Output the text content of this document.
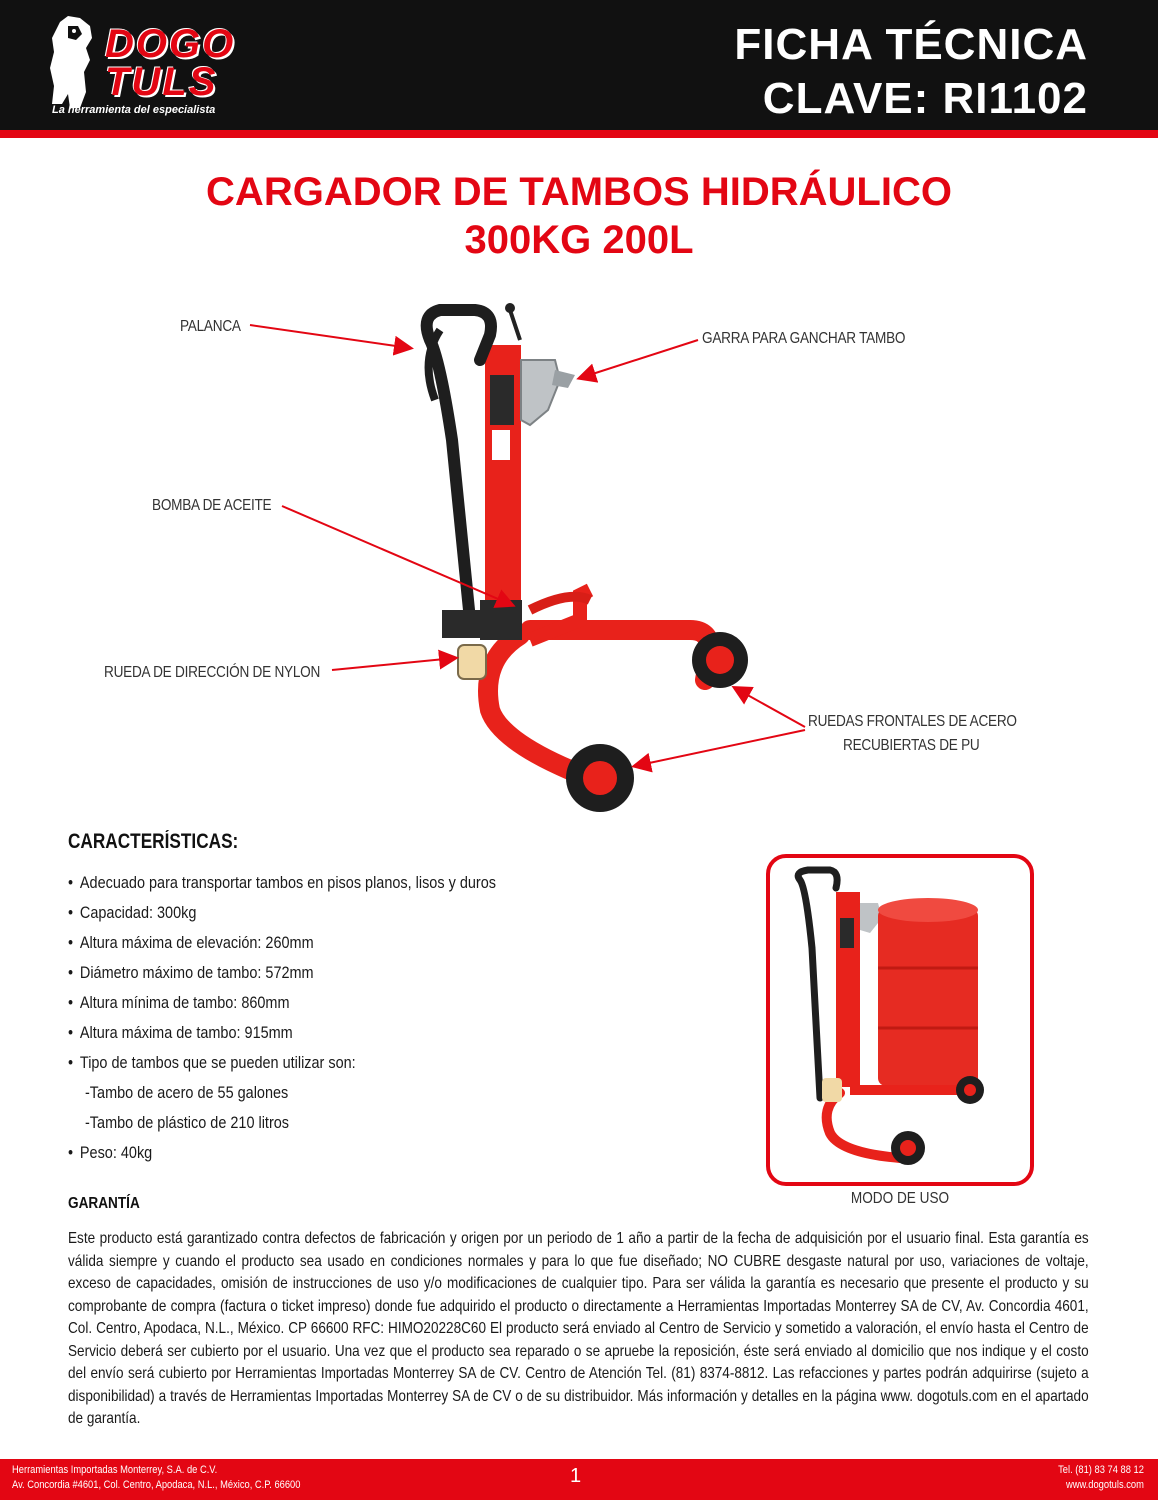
DOGO
TULS
La herramienta del especialista
FICHA TÉCNICA
CLAVE: RI1102
CARGADOR DE TAMBOS HIDRÁULICO
300KG 200L
PALANCA
GARRA PARA GANCHAR TAMBO
BOMBA DE ACEITE
RUEDA DE DIRECCIÓN DE NYLON
RUEDAS FRONTALES DE ACERO
RECUBIERTAS DE PU
CARACTERÍSTICAS:
• Adecuado para transportar tambos en pisos planos, lisos y duros
• Capacidad: 300kg
• Altura máxima de elevación: 260mm
• Diámetro máximo de tambo: 572mm
• Altura mínima de tambo: 860mm
• Altura máxima de tambo: 915mm
• Tipo de tambos que se pueden utilizar son:
-Tambo de acero de 55 galones
-Tambo de plástico de 210 litros
• Peso: 40kg
MODO DE USO
GARANTÍA
Este producto está garantizado contra defectos de fabricación y origen por un periodo de 1 año a partir de la fecha de adquisición por el usuario final. Esta garantía es válida siempre y cuando el producto sea usado en condiciones normales y para lo que fue diseñado; NO CUBRE desgaste natural por uso, variaciones de voltaje, exceso de capacidades, omisión de instrucciones de uso y/o modificaciones de cualquier tipo. Para ser válida la garantía es necesario que presente el producto y su comprobante de compra (factura o ticket impreso) donde fue adquirido el producto o directamente a Herramientas Importadas Monterrey SA de CV, Av. Concordia 4601, Col. Centro, Apodaca, N.L., México. CP 66600 RFC: HIMO20228C60 El producto será enviado al Centro de Servicio y sometido a valoración, el envío hasta el Centro de Servicio deberá ser cubierto por el usuario. Una vez que el producto sea reparado o se apruebe la reposición, éste será enviado al domicilio que nos indique y el costo del envío será cubierto por Herramientas Importadas Monterrey SA de CV. Centro de Atención Tel. (81) 8374-8812. Las refacciones y partes podrán adquirirse (sujeto a disponibilidad) a través de Herramientas Importadas Monterrey SA de CV o de su distribuidor. Más información y detalles en la página www. dogotuls.com en el apartado de garantía.
Herramientas Importadas Monterrey, S.A. de C.V.
Av. Concordia #4601, Col. Centro, Apodaca, N.L., México, C.P. 66600	1	Tel. (81) 83 74 88 12
www.dogotuls.com
